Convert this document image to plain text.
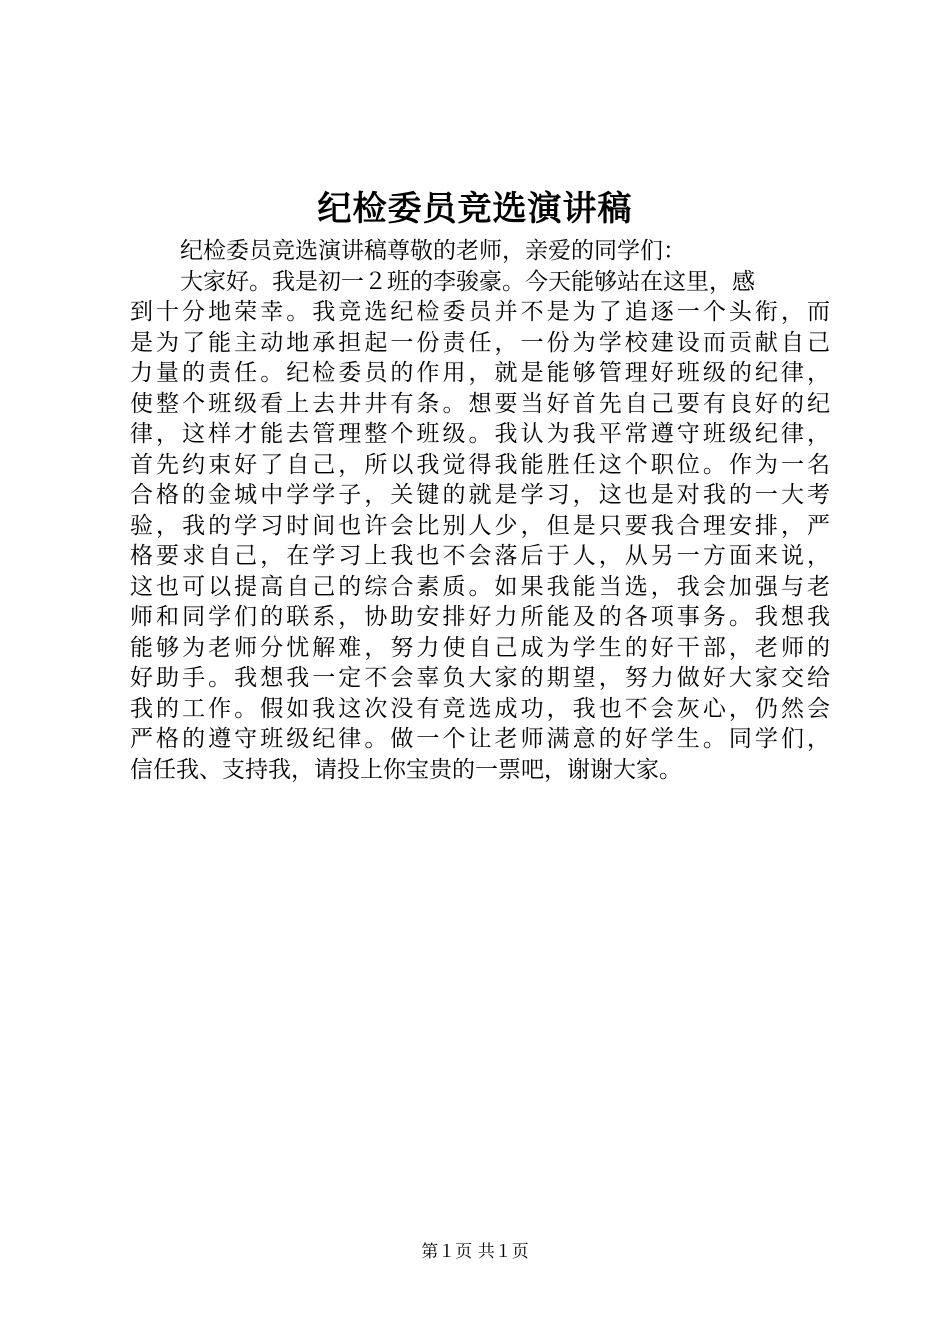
纪检委员竞选演讲稿
纪检委员竞选演讲稿尊敬的老师，亲爱的同学们：
大家好。我是初一２班的李骏豪。今天能够站在这里，感
到十分地荣幸。我竞选纪检委员并不是为了追逐一个头衔，而
是为了能主动地承担起一份责任，一份为学校建设而贡献自己
力量的责任。纪检委员的作用，就是能够管理好班级的纪律，
使整个班级看上去井井有条。想要当好首先自己要有良好的纪
律，这样才能去管理整个班级。我认为我平常遵守班级纪律，
首先约束好了自己，所以我觉得我能胜任这个职位。作为一名
合格的金城中学学子，关键的就是学习，这也是对我的一大考
验，我的学习时间也许会比别人少，但是只要我合理安排，严
格要求自己，在学习上我也不会落后于人，从另一方面来说，
这也可以提高自己的综合素质。如果我能当选，我会加强与老
师和同学们的联系，协助安排好力所能及的各项事务。我想我
能够为老师分忧解难，努力使自己成为学生的好干部，老师的
好助手。我想我一定不会辜负大家的期望，努力做好大家交给
我的工作。假如我这次没有竞选成功，我也不会灰心，仍然会
严格的遵守班级纪律。做一个让老师满意的好学生。同学们，
信任我、支持我，请投上你宝贵的一票吧，谢谢大家。
第１页 共１页
